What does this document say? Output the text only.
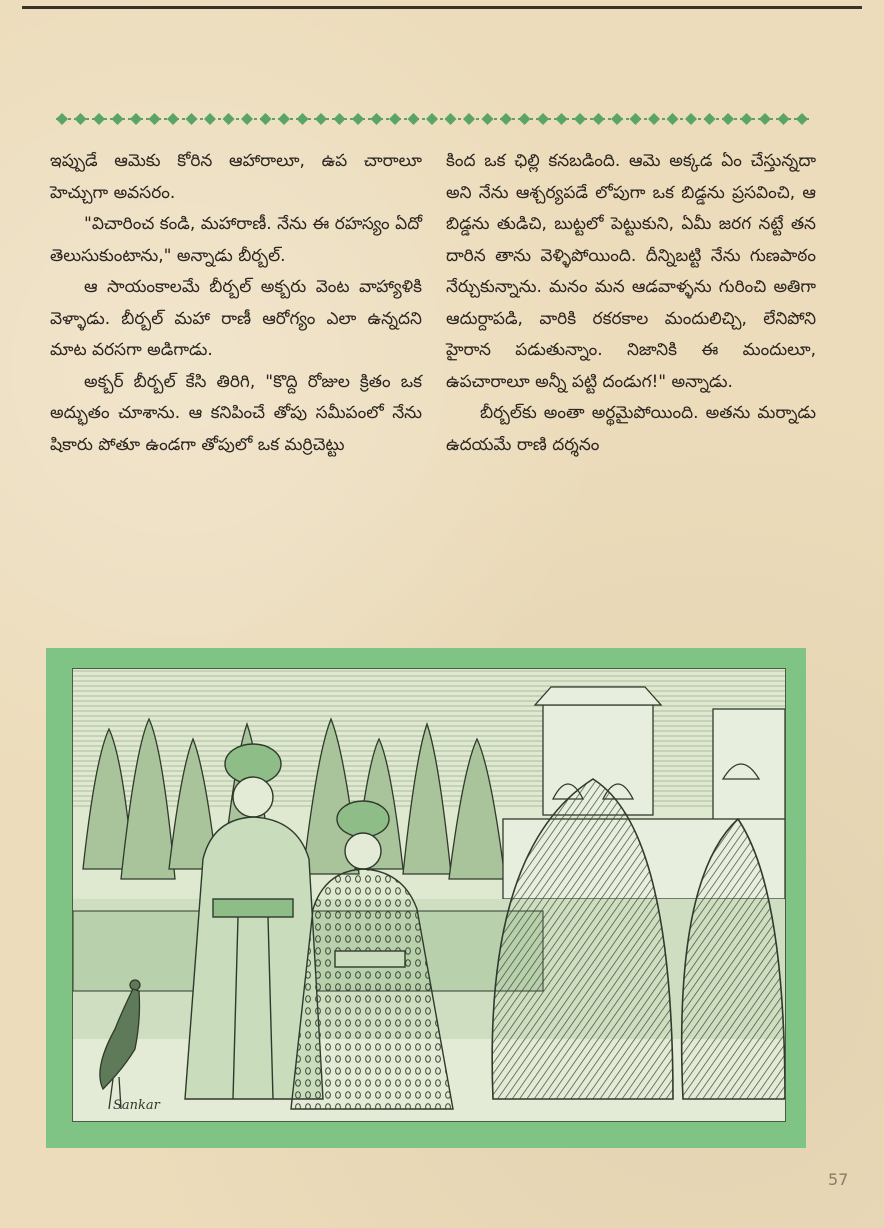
ఇప్పుడే ఆమెకు కోరిన ఆహారాలూ, ఉప చారాలూ హెచ్చుగా అవసరం.

"విచారించ కండి, మహారాణీ. నేను ఈ రహస్యం ఏదో తెలుసుకుంటాను," అన్నాడు బీర్బల్.

ఆ సాయంకాలమే బీర్బల్ అక్బరు వెంట వాహ్యాళికి వెళ్ళాడు. బీర్బల్ మహా రాణీ ఆరోగ్యం ఎలా ఉన్నదని మాట వరసగా అడిగాడు.

అక్బర్ బీర్బల్ కేసి తిరిగి, "కొద్ది రోజుల క్రితం ఒక అద్భుతం చూశాను. ఆ కనిపించే తోపు సమీపంలో నేను షికారు పోతూ ఉండగా తోపులో ఒక మర్రిచెట్టు

కింద ఒక ఛిల్లి కనబడింది. ఆమె అక్కడ ఏం చేస్తున్నదా అని నేను ఆశ్చర్యపడే లోపుగా ఒక బిడ్డను ప్రసవించి, ఆ బిడ్డను తుడిచి, బుట్టలో పెట్టుకుని, ఏమీ జరగ నట్టే తన దారిన తాను వెళ్ళిపోయింది. దీన్నిబట్టి నేను గుణపాఠం నేర్చుకున్నాను. మనం మన ఆడవాళ్ళను గురించి అతిగా ఆదుర్దాపడి, వారికి రకరకాల మందులిచ్చి, లేనిపోని హైరాన పడుతున్నాం. నిజానికి ఈ మందులూ, ఉపచారాలూ అన్నీ పట్టి దండుగ!" అన్నాడు.

బీర్బల్‌కు అంతా అర్థమైపోయింది. అతను మర్నాడు ఉదయమే రాణి దర్శనం

Sankar
57
